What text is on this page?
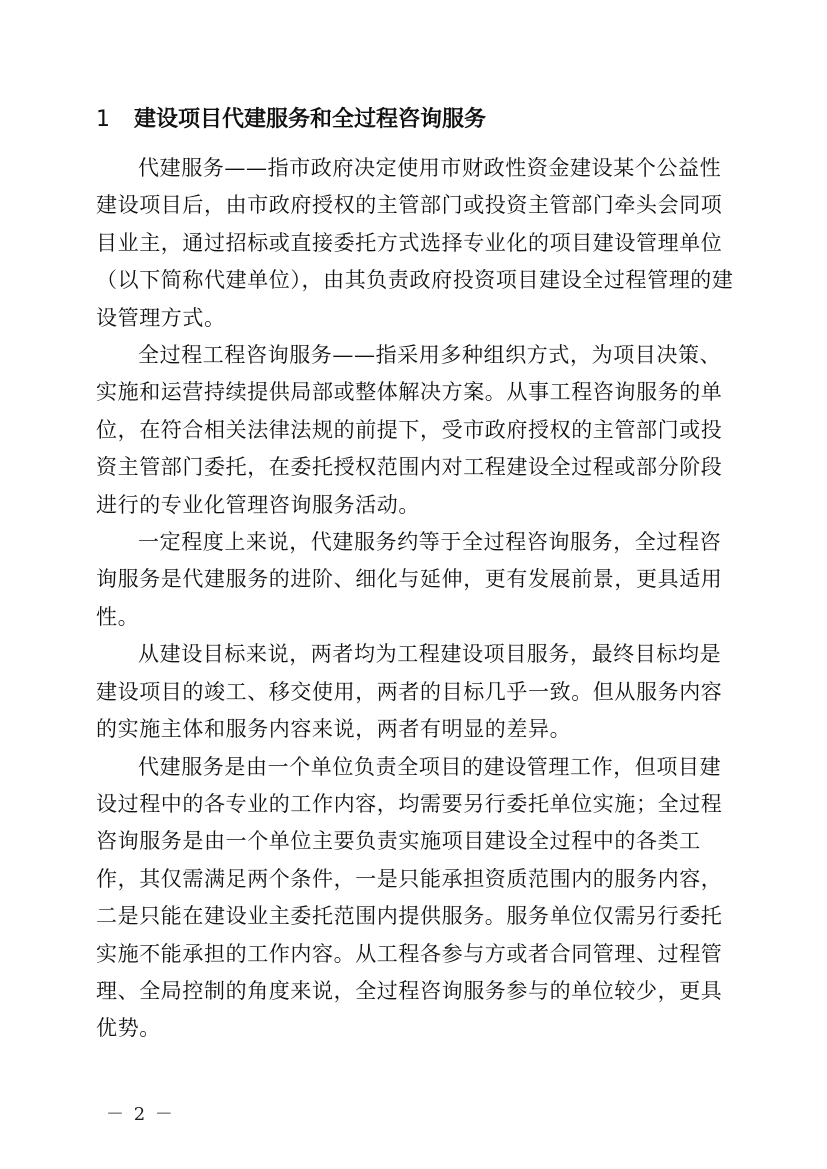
1 建设项目代建服务和全过程咨询服务

代建服务——指市政府决定使用市财政性资金建设某个公益性
建设项目后，由市政府授权的主管部门或投资主管部门牵头会同项
目业主，通过招标或直接委托方式选择专业化的项目建设管理单位
（以下简称代建单位），由其负责政府投资项目建设全过程管理的建
设管理方式。

全过程工程咨询服务——指采用多种组织方式，为项目决策、
实施和运营持续提供局部或整体解决方案。从事工程咨询服务的单
位，在符合相关法律法规的前提下，受市政府授权的主管部门或投
资主管部门委托，在委托授权范围内对工程建设全过程或部分阶段
进行的专业化管理咨询服务活动。

一定程度上来说，代建服务约等于全过程咨询服务，全过程咨
询服务是代建服务的进阶、细化与延伸，更有发展前景，更具适用
性。

从建设目标来说，两者均为工程建设项目服务，最终目标均是
建设项目的竣工、移交使用，两者的目标几乎一致。但从服务内容
的实施主体和服务内容来说，两者有明显的差异。

代建服务是由一个单位负责全项目的建设管理工作，但项目建
设过程中的各专业的工作内容，均需要另行委托单位实施；全过程
咨询服务是由一个单位主要负责实施项目建设全过程中的各类工
作，其仅需满足两个条件，一是只能承担资质范围内的服务内容，
二是只能在建设业主委托范围内提供服务。服务单位仅需另行委托
实施不能承担的工作内容。从工程各参与方或者合同管理、过程管
理、全局控制的角度来说，全过程咨询服务参与的单位较少，更具
优势。

－ 2 －
